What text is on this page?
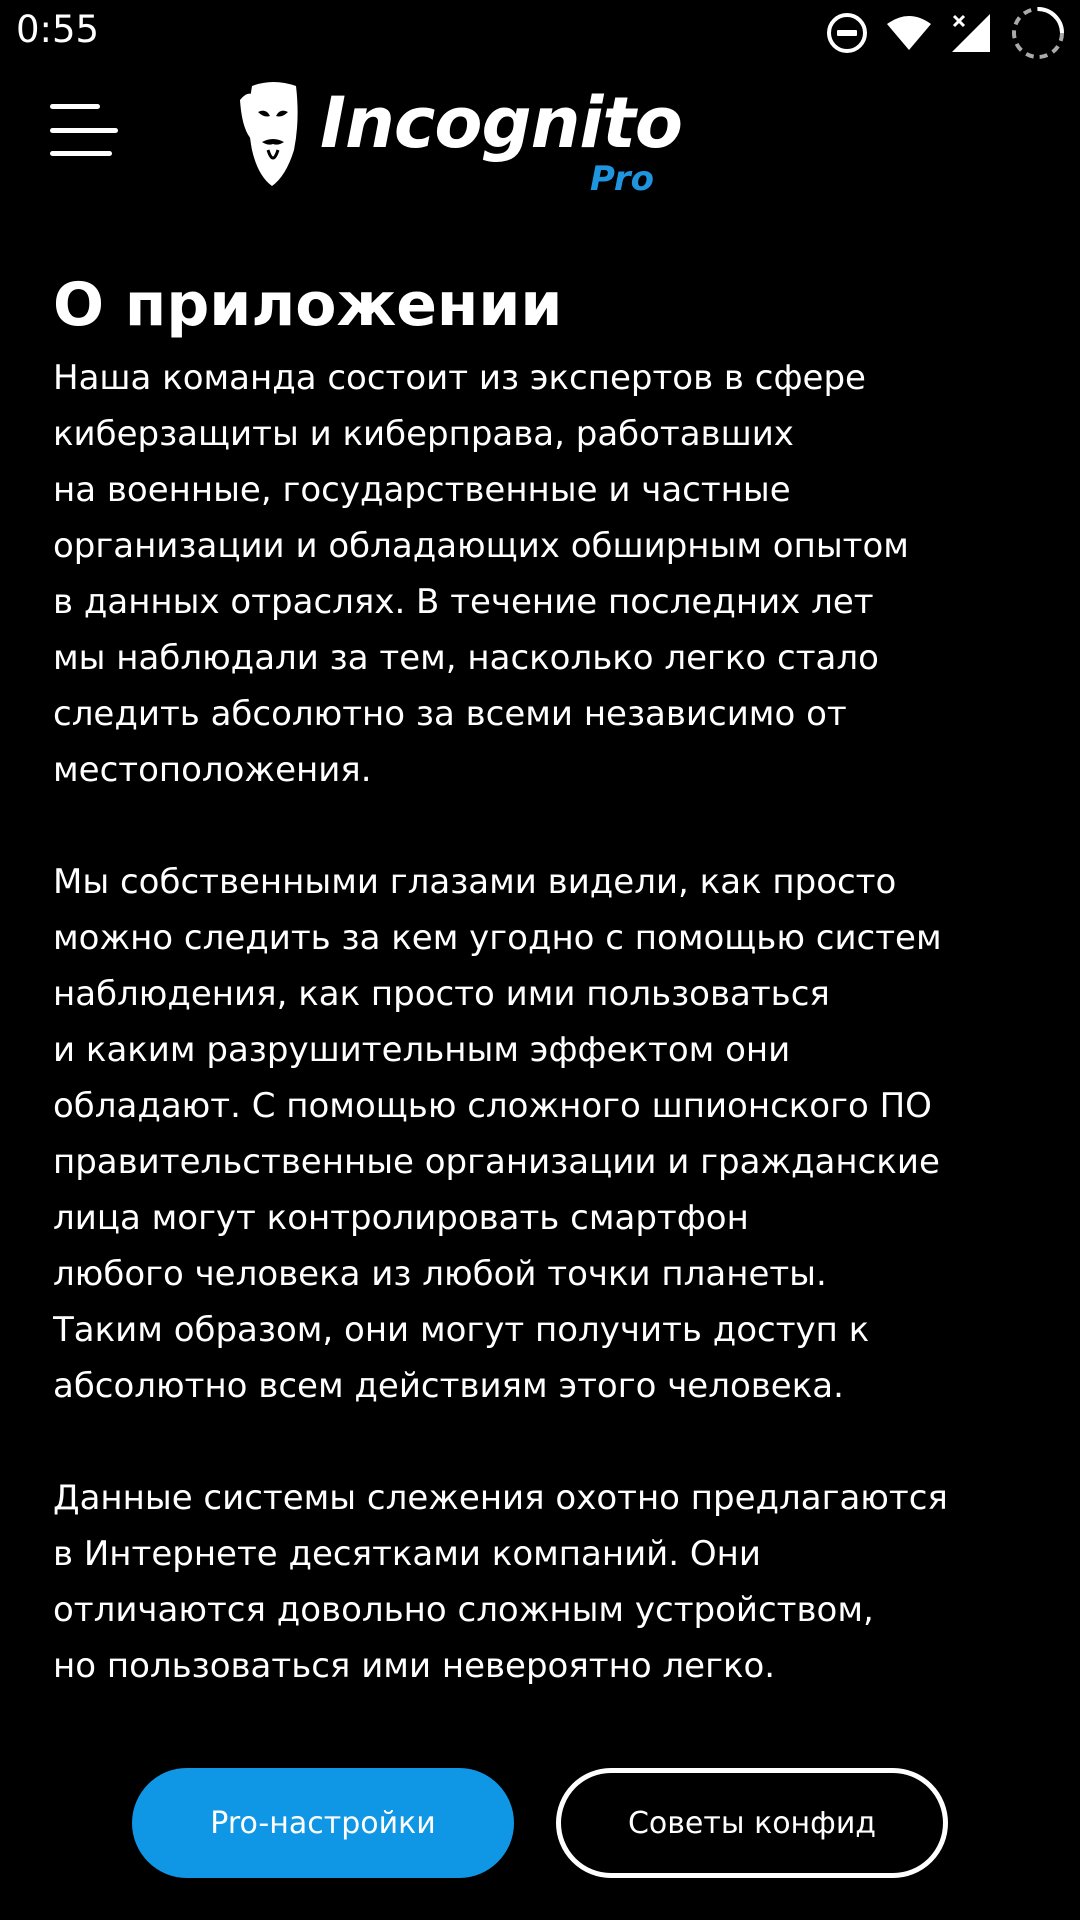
0:55
Incognito
Pro
О приложении
Наша команда состоит из экспертов в сфере
киберзащиты и киберправа, работавших
на военные, государственные и частные
организации и обладающих обширным опытом
в данных отраслях. В течение последних лет
мы наблюдали за тем, насколько легко стало
следить абсолютно за всеми независимо от
местоположения.
Мы собственными глазами видели, как просто
можно следить за кем угодно с помощью систем
наблюдения, как просто ими пользоваться
и каким разрушительным эффектом они
обладают. С помощью сложного шпионского ПО
правительственные организации и гражданские
лица могут контролировать смартфон
любого человека из любой точки планеты.
Таким образом, они могут получить доступ к
абсолютно всем действиям этого человека.
Данные системы слежения охотно предлагаются
в Интернете десятками компаний. Они
отличаются довольно сложным устройством,
но пользоваться ими невероятно легко.
Pro-настройки	Советы конфид
